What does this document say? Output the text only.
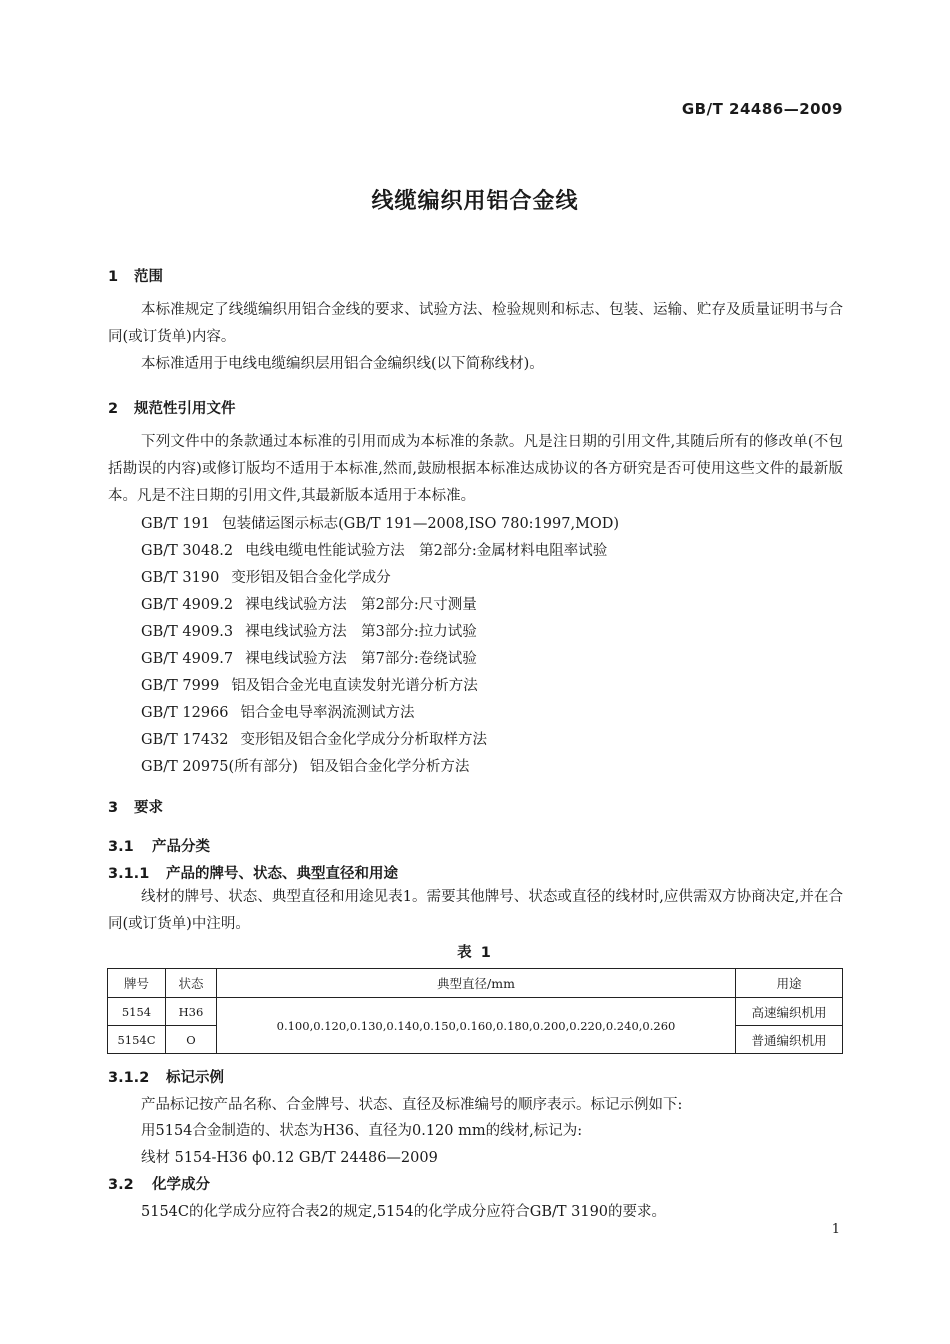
GB/T 24486—2009
线缆编织用铝合金线
1 范围
本标准规定了线缆编织用铝合金线的要求、试验方法、检验规则和标志、包装、运输、贮存及质量证明书与合同(或订货单)内容。
本标准适用于电线电缆编织层用铝合金编织线(以下简称线材)。
2 规范性引用文件
下列文件中的条款通过本标准的引用而成为本标准的条款。凡是注日期的引用文件,其随后所有的修改单(不包括勘误的内容)或修订版均不适用于本标准,然而,鼓励根据本标准达成协议的各方研究是否可使用这些文件的最新版本。凡是不注日期的引用文件,其最新版本适用于本标准。
GB/T 191 包装储运图示标志(GB/T 191—2008,ISO 780:1997,MOD)
GB/T 3048.2 电线电缆电性能试验方法　第2部分:金属材料电阻率试验
GB/T 3190 变形铝及铝合金化学成分
GB/T 4909.2 裸电线试验方法　第2部分:尺寸测量
GB/T 4909.3 裸电线试验方法　第3部分:拉力试验
GB/T 4909.7 裸电线试验方法　第7部分:卷绕试验
GB/T 7999 铝及铝合金光电直读发射光谱分析方法
GB/T 12966 铝合金电导率涡流测试方法
GB/T 17432 变形铝及铝合金化学成分分析取样方法
GB/T 20975(所有部分) 铝及铝合金化学分析方法
3 要求
3.1 产品分类
3.1.1 产品的牌号、状态、典型直径和用途
线材的牌号、状态、典型直径和用途见表1。需要其他牌号、状态或直径的线材时,应供需双方协商决定,并在合同(或订货单)中注明。
表 1
牌号	状态	典型直径/mm	用途
5154	H36	0.100,0.120,0.130,0.140,0.150,0.160,0.180,0.200,0.220,0.240,0.260	高速编织机用
5154C	O		普通编织机用
3.1.2 标记示例
产品标记按产品名称、合金牌号、状态、直径及标准编号的顺序表示。标记示例如下:
用5154合金制造的、状态为H36、直径为0.120 mm的线材,标记为:
线材 5154-H36 ϕ0.12 GB/T 24486—2009
3.2 化学成分
5154C的化学成分应符合表2的规定,5154的化学成分应符合GB/T 3190的要求。
1
